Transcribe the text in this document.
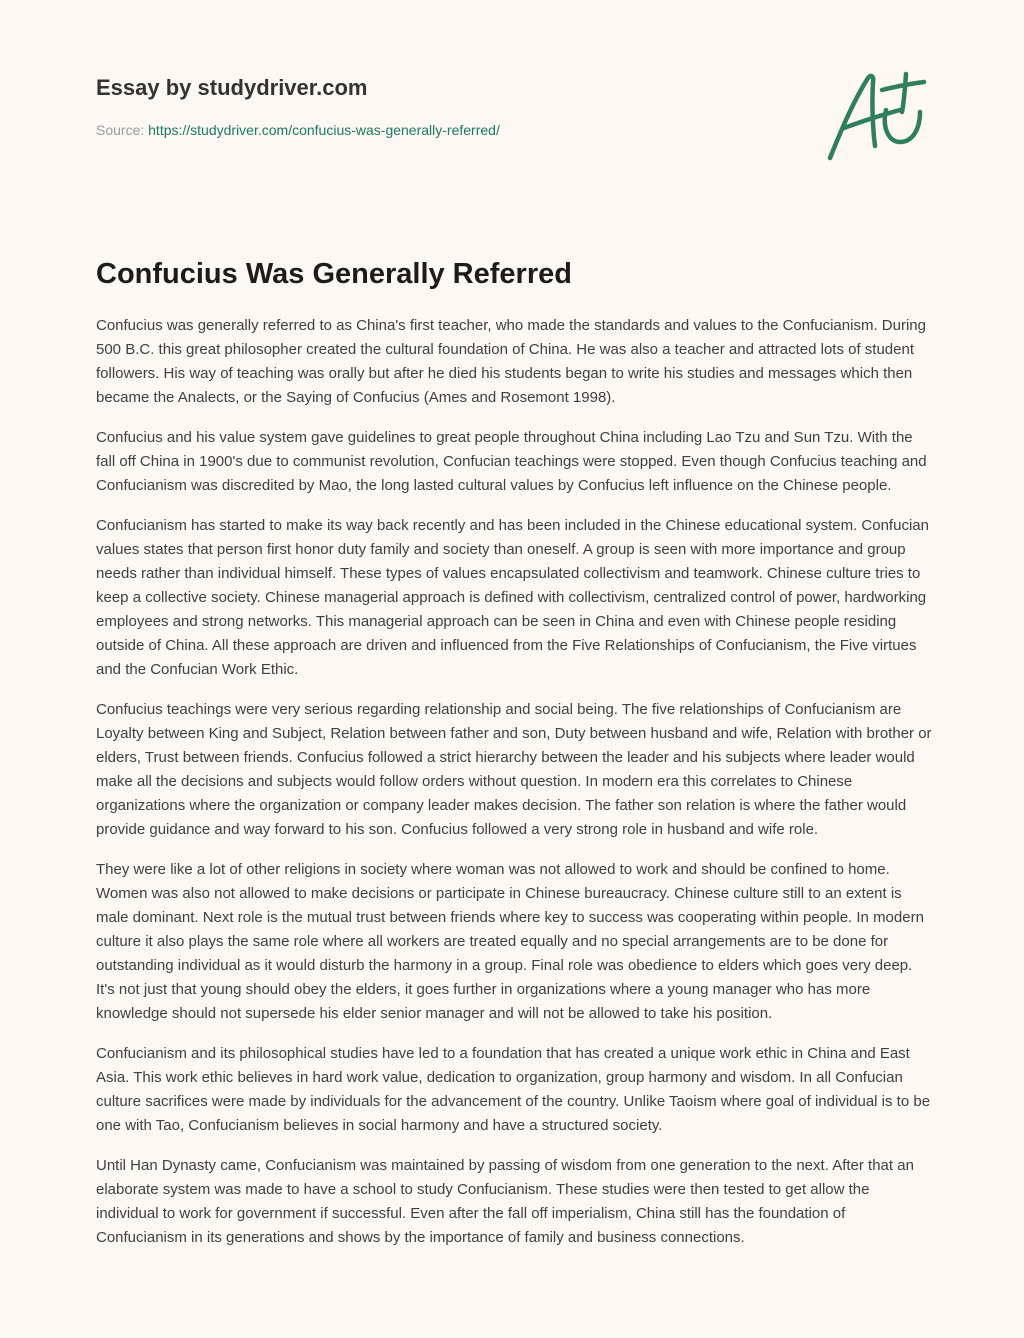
Essay by studydriver.com
Source: https://studydriver.com/confucius-was-generally-referred/
Confucius Was Generally Referred

Confucius was generally referred to as China's first teacher, who made the standards and values to the Confucianism. During 500 B.C. this great philosopher created the cultural foundation of China. He was also a teacher and attracted lots of student followers. His way of teaching was orally but after he died his students began to write his studies and messages which then became the Analects, or the Saying of Confucius (Ames and Rosemont 1998).

Confucius and his value system gave guidelines to great people throughout China including Lao Tzu and Sun Tzu. With the fall off China in 1900's due to communist revolution, Confucian teachings were stopped. Even though Confucius teaching and Confucianism was discredited by Mao, the long lasted cultural values by Confucius left influence on the Chinese people.

Confucianism has started to make its way back recently and has been included in the Chinese educational system. Confucian values states that person first honor duty family and society than oneself. A group is seen with more importance and group needs rather than individual himself. These types of values encapsulated collectivism and teamwork. Chinese culture tries to keep a collective society. Chinese managerial approach is defined with collectivism, centralized control of power, hardworking employees and strong networks. This managerial approach can be seen in China and even with Chinese people residing outside of China. All these approach are driven and influenced from the Five Relationships of Confucianism, the Five virtues and the Confucian Work Ethic.

Confucius teachings were very serious regarding relationship and social being. The five relationships of Confucianism are Loyalty between King and Subject, Relation between father and son, Duty between husband and wife, Relation with brother or elders, Trust between friends. Confucius followed a strict hierarchy between the leader and his subjects where leader would make all the decisions and subjects would follow orders without question. In modern era this correlates to Chinese organizations where the organization or company leader makes decision. The father son relation is where the father would provide guidance and way forward to his son. Confucius followed a very strong role in husband and wife role.

They were like a lot of other religions in society where woman was not allowed to work and should be confined to home. Women was also not allowed to make decisions or participate in Chinese bureaucracy. Chinese culture still to an extent is male dominant. Next role is the mutual trust between friends where key to success was cooperating within people. In modern culture it also plays the same role where all workers are treated equally and no special arrangements are to be done for outstanding individual as it would disturb the harmony in a group. Final role was obedience to elders which goes very deep. It's not just that young should obey the elders, it goes further in organizations where a young manager who has more knowledge should not supersede his elder senior manager and will not be allowed to take his position.

Confucianism and its philosophical studies have led to a foundation that has created a unique work ethic in China and East Asia. This work ethic believes in hard work value, dedication to organization, group harmony and wisdom. In all Confucian culture sacrifices were made by individuals for the advancement of the country. Unlike Taoism where goal of individual is to be one with Tao, Confucianism believes in social harmony and have a structured society.

Until Han Dynasty came, Confucianism was maintained by passing of wisdom from one generation to the next. After that an elaborate system was made to have a school to study Confucianism. These studies were then tested to get allow the individual to work for government if successful. Even after the fall off imperialism, China still has the foundation of Confucianism in its generations and shows by the importance of family and business connections.
